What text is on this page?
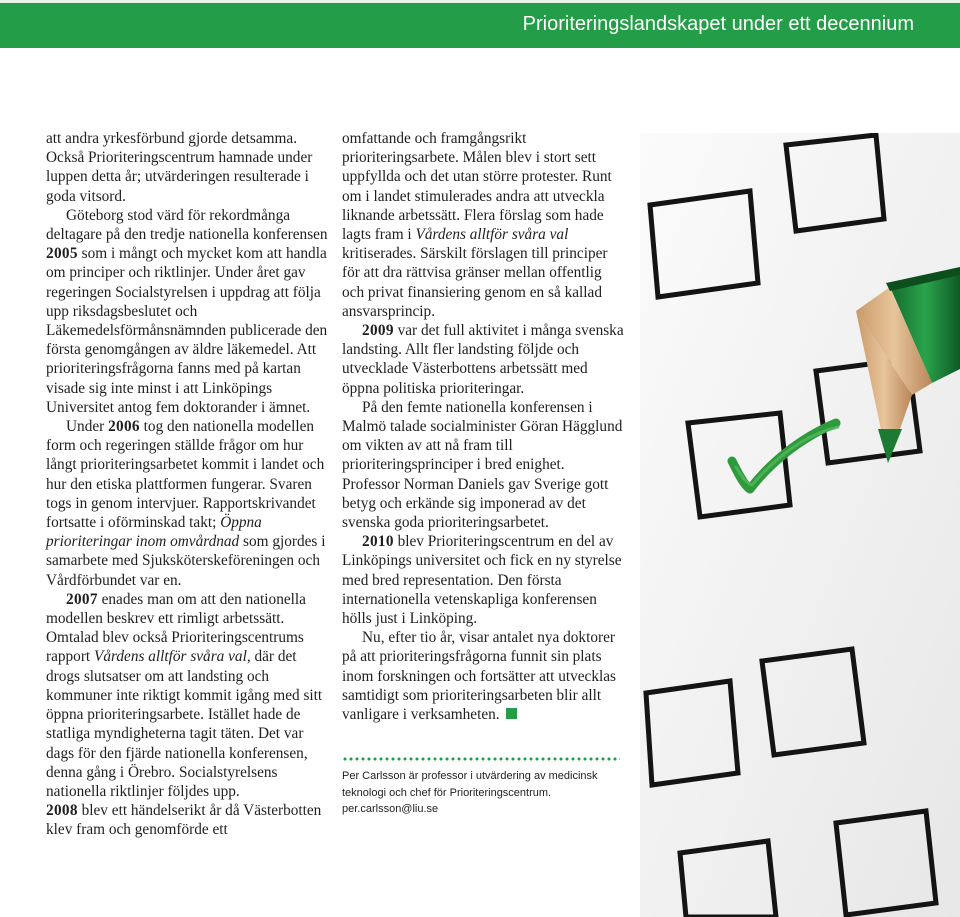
Prioriteringslandskapet under ett decennium

att andra yrkesförbund gjorde detsamma. Också Prioriteringscentrum hamnade under luppen detta år; utvärderingen resulterade i goda vitsord.

Göteborg stod värd för rekordmånga deltagare på den tredje nationella konferensen 2005 som i mångt och mycket kom att handla om principer och riktlinjer. Under året gav regeringen Socialstyrelsen i uppdrag att följa upp riksdagsbeslutet och Läkemedelsförmånsnämnden publicerade den första genomgången av äldre läkemedel. Att prioriteringsfrågorna fanns med på kartan visade sig inte minst i att Linköpings Universitet antog fem doktorander i ämnet.

Under 2006 tog den nationella modellen form och regeringen ställde frågor om hur långt prioriteringsarbetet kommit i landet och hur den etiska plattformen fungerar. Svaren togs in genom intervjuer. Rapportskrivandet fortsatte i oförminskad takt; Öppna prioriteringar inom omvårdnad som gjordes i samarbete med Sjuksköterskeföreningen och Vårdförbundet var en.

2007 enades man om att den nationella modellen beskrev ett rimligt arbetssätt. Omtalad blev också Prioriteringscentrums rapport Vårdens alltför svåra val, där det drogs slutsatser om att landsting och kommuner inte riktigt kommit igång med sitt öppna prioriteringsarbete. Istället hade de statliga myndigheterna tagit täten. Det var dags för den fjärde nationella konferensen, denna gång i Örebro. Socialstyrelsens nationella riktlinjer följdes upp.

2008 blev ett händelserikt år då Västerbotten klev fram och genomförde ett

omfattande och framgångsrikt prioriteringsarbete. Målen blev i stort sett uppfyllda och det utan större protester. Runt om i landet stimulerades andra att utveckla liknande arbetssätt. Flera förslag som hade lagts fram i Vårdens alltför svåra val kritiserades. Särskilt förslagen till principer för att dra rättvisa gränser mellan offentlig och privat finansiering genom en så kallad ansvarsprincip.

2009 var det full aktivitet i många svenska landsting. Allt fler landsting följde och utvecklade Västerbottens arbetssätt med öppna politiska prioriteringar.

På den femte nationella konferensen i Malmö talade socialminister Göran Hägglund om vikten av att nå fram till prioriteringsprinciper i bred enighet. Professor Norman Daniels gav Sverige gott betyg och erkände sig imponerad av det svenska goda prioriteringsarbetet.

2010 blev Prioriteringscentrum en del av Linköpings universitet och fick en ny styrelse med bred representation. Den första internationella vetenskapliga konferensen hölls just i Linköping.

Nu, efter tio år, visar antalet nya doktorer på att prioriteringsfrågorna funnit sin plats inom forskningen och fortsätter att utvecklas samtidigt som prioriteringsarbeten blir allt vanligare i verksamheten.

Per Carlsson är professor i utvärdering av medicinsk teknologi och chef för Prioriteringscentrum.

per.carlsson@liu.se
